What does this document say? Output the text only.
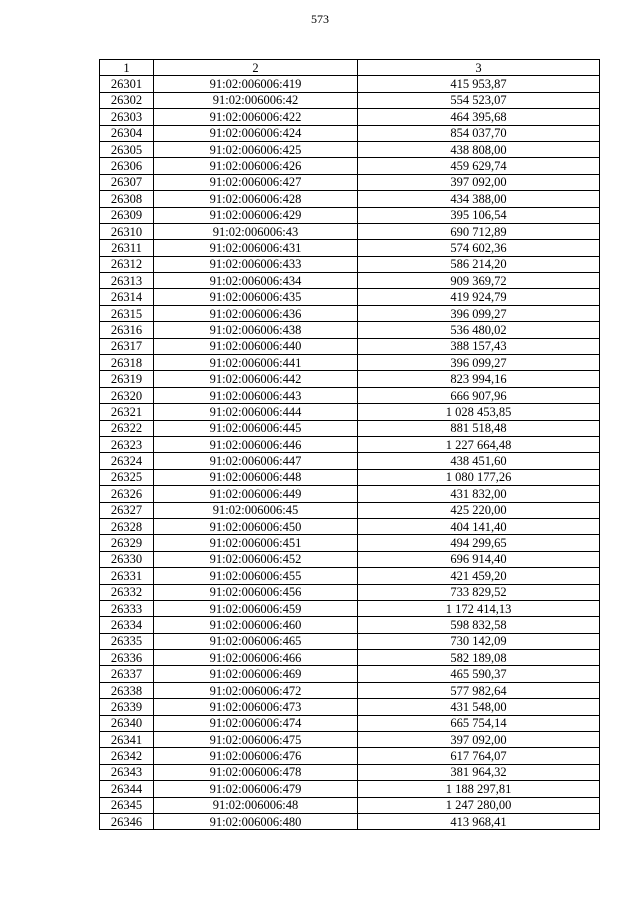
573
1	2	3
26301	91:02:006006:419	415 953,87
26302	91:02:006006:42	554 523,07
26303	91:02:006006:422	464 395,68
26304	91:02:006006:424	854 037,70
26305	91:02:006006:425	438 808,00
26306	91:02:006006:426	459 629,74
26307	91:02:006006:427	397 092,00
26308	91:02:006006:428	434 388,00
26309	91:02:006006:429	395 106,54
26310	91:02:006006:43	690 712,89
26311	91:02:006006:431	574 602,36
26312	91:02:006006:433	586 214,20
26313	91:02:006006:434	909 369,72
26314	91:02:006006:435	419 924,79
26315	91:02:006006:436	396 099,27
26316	91:02:006006:438	536 480,02
26317	91:02:006006:440	388 157,43
26318	91:02:006006:441	396 099,27
26319	91:02:006006:442	823 994,16
26320	91:02:006006:443	666 907,96
26321	91:02:006006:444	1 028 453,85
26322	91:02:006006:445	881 518,48
26323	91:02:006006:446	1 227 664,48
26324	91:02:006006:447	438 451,60
26325	91:02:006006:448	1 080 177,26
26326	91:02:006006:449	431 832,00
26327	91:02:006006:45	425 220,00
26328	91:02:006006:450	404 141,40
26329	91:02:006006:451	494 299,65
26330	91:02:006006:452	696 914,40
26331	91:02:006006:455	421 459,20
26332	91:02:006006:456	733 829,52
26333	91:02:006006:459	1 172 414,13
26334	91:02:006006:460	598 832,58
26335	91:02:006006:465	730 142,09
26336	91:02:006006:466	582 189,08
26337	91:02:006006:469	465 590,37
26338	91:02:006006:472	577 982,64
26339	91:02:006006:473	431 548,00
26340	91:02:006006:474	665 754,14
26341	91:02:006006:475	397 092,00
26342	91:02:006006:476	617 764,07
26343	91:02:006006:478	381 964,32
26344	91:02:006006:479	1 188 297,81
26345	91:02:006006:48	1 247 280,00
26346	91:02:006006:480	413 968,41
